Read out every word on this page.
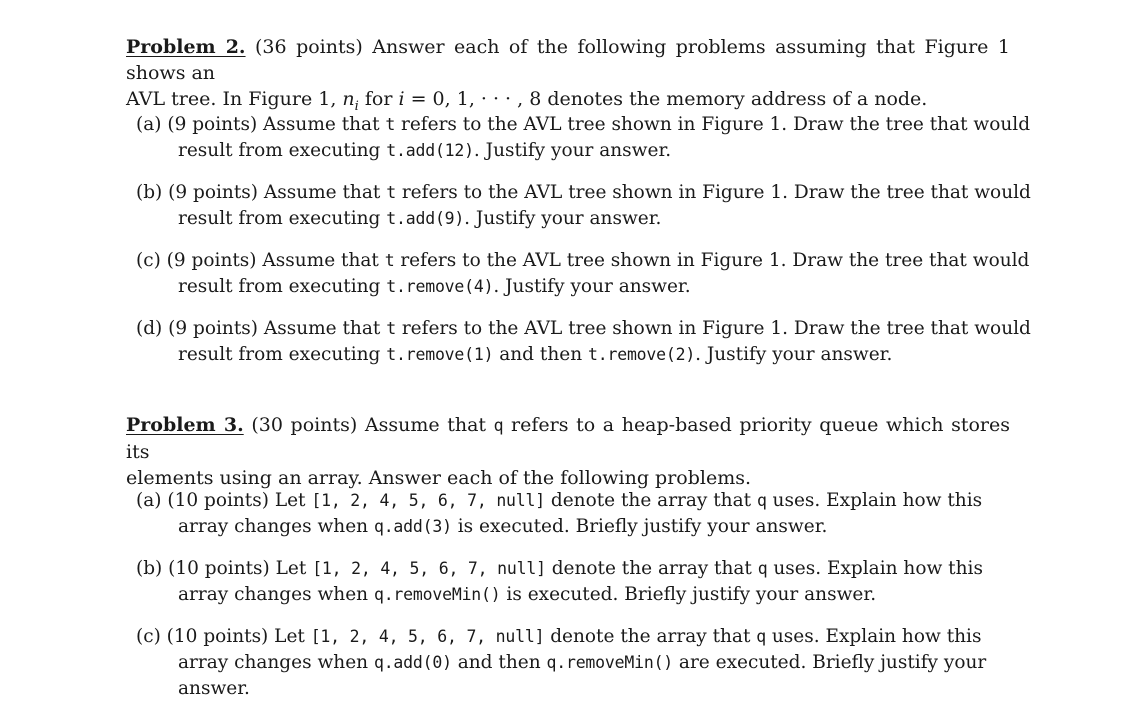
Problem 2. (36 points) Answer each of the following problems assuming that Figure 1 shows an
AVL tree. In Figure 1, $n_i$ for i = 0, 1, · · · , 8 denotes the memory address of a node.

(a) (9 points) Assume that t refers to the AVL tree shown in Figure 1. Draw the tree that would
result from executing t.add(12). Justify your answer.
(b) (9 points) Assume that t refers to the AVL tree shown in Figure 1. Draw the tree that would
result from executing t.add(9). Justify your answer.
(c) (9 points) Assume that t refers to the AVL tree shown in Figure 1. Draw the tree that would
result from executing t.remove(4). Justify your answer.
(d) (9 points) Assume that t refers to the AVL tree shown in Figure 1. Draw the tree that would
result from executing t.remove(1) and then t.remove(2). Justify your answer.

Problem 3. (30 points) Assume that q refers to a heap-based priority queue which stores its
elements using an array. Answer each of the following problems.

(a) (10 points) Let [1, 2, 4, 5, 6, 7, null] denote the array that q uses. Explain how this
array changes when q.add(3) is executed. Briefly justify your answer.
(b) (10 points) Let [1, 2, 4, 5, 6, 7, null] denote the array that q uses. Explain how this
array changes when q.removeMin() is executed. Briefly justify your answer.
(c) (10 points) Let [1, 2, 4, 5, 6, 7, null] denote the array that q uses. Explain how this
array changes when q.add(0) and then q.removeMin() are executed. Briefly justify your
answer.
